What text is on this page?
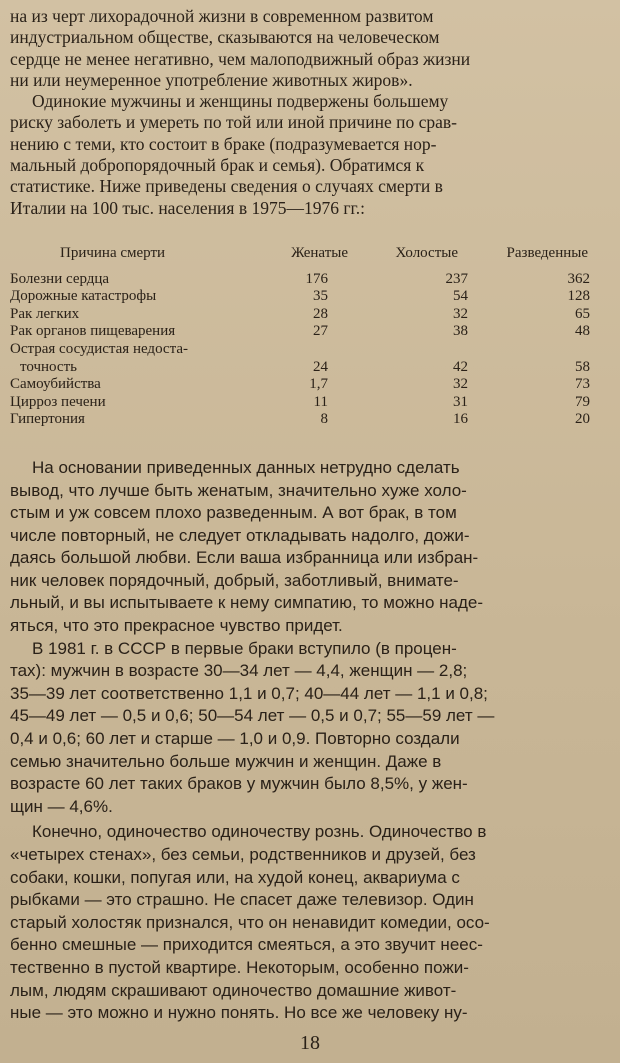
на из черт лихорадочной жизни в современном развитом
индустриальном обществе, сказываются на человеческом
сердце не менее негативно, чем малоподвижный образ жизни
ни или неумеренное употребление животных жиров».
Одинокие мужчины и женщины подвержены большему
риску заболеть и умереть по той или иной причине по срав-
нению с теми, кто состоит в браке (подразумевается нор-
мальный добропорядочный брак и семья). Обратимся к
статистике. Ниже приведены сведения о случаях смерти в
Италии на 100 тыс. населения в 1975—1976 гг.:
Причина смерти	Женатые	Холостые	Разведенные
Болезни сердца	176	237	362
Дорожные катастрофы	35	54	128
Рак легких	28	32	65
Рак органов пищеварения	27	38	48
Острая сосудистая недоста-
точность	24	42	58
Самоубийства	1,7	32	73
Цирроз печени	11	31	79
Гипертония	8	16	20
На основании приведенных данных нетрудно сделать
вывод, что лучше быть женатым, значительно хуже холо-
стым и уж совсем плохо разведенным. А вот брак, в том
числе повторный, не следует откладывать надолго, дожи-
даясь большой любви. Если ваша избранница или избран-
ник человек порядочный, добрый, заботливый, внимате-
льный, и вы испытываете к нему симпатию, то можно наде-
яться, что это прекрасное чувство придет.
В 1981 г. в СССР в первые браки вступило (в процен-
тах): мужчин в возрасте 30—34 лет — 4,4, женщин — 2,8;
35—39 лет соответственно 1,1 и 0,7; 40—44 лет — 1,1 и 0,8;
45—49 лет — 0,5 и 0,6; 50—54 лет — 0,5 и 0,7; 55—59 лет —
0,4 и 0,6; 60 лет и старше — 1,0 и 0,9. Повторно создали
семью значительно больше мужчин и женщин. Даже в
возрасте 60 лет таких браков у мужчин было 8,5%, у жен-
щин — 4,6%.
Конечно, одиночество одиночеству рознь. Одиночество в
«четырех стенах», без семьи, родственников и друзей, без
собаки, кошки, попугая или, на худой конец, аквариума с
рыбками — это страшно. Не спасет даже телевизор. Один
старый холостяк признался, что он ненавидит комедии, осо-
бенно смешные — приходится смеяться, а это звучит неес-
тественно в пустой квартире. Некоторым, особенно пожи-
лым, людям скрашивают одиночество домашние живот-
ные — это можно и нужно понять. Но все же человеку ну-
18
